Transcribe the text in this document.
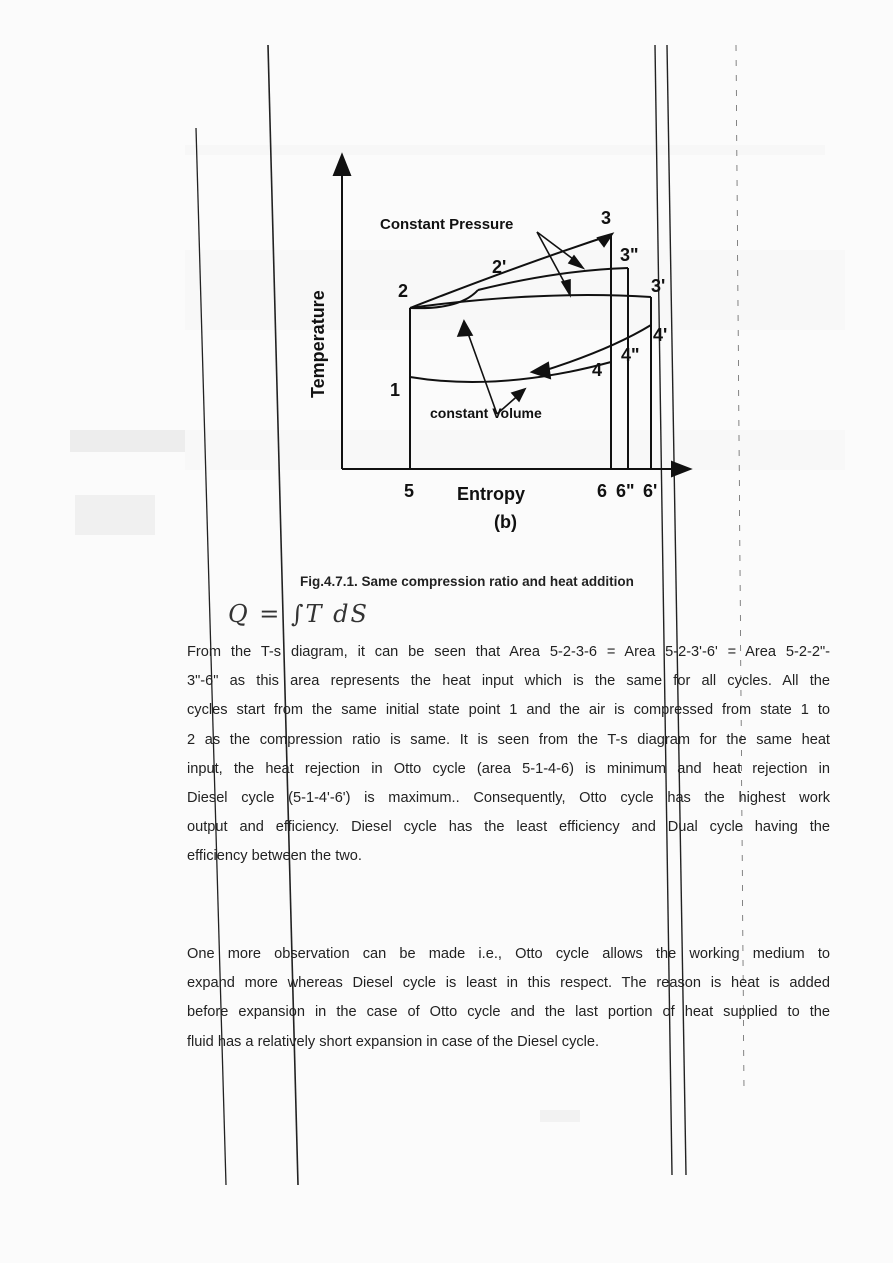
Constant Pressure
constant Volume
Temperature
Entropy
(b)
1
2
2'
3
3"
3'
4
4"
4'
5	6 6" 6'
Fig.4.7.1. Same compression ratio and heat addition
Q = ∫T dS
From the T-s diagram, it can be seen that Area 5-2-3-6 = Area 5-2-3'-6' = Area 5-2-2"-
3"-6" as this area represents the heat input which is the same for all cycles. All the
cycles start from the same initial state point 1 and the air is compressed from state 1 to
2 as the compression ratio is same. It is seen from the T-s diagram for the same heat
input, the heat rejection in Otto cycle (area 5-1-4-6) is minimum and heat rejection in
Diesel cycle (5-1-4'-6') is maximum.. Consequently, Otto cycle has the highest work
output and efficiency. Diesel cycle has the least efficiency and Dual cycle having the
efficiency between the two.
One more observation can be made i.e., Otto cycle allows the working medium to
expand more whereas Diesel cycle is least in this respect. The reason is heat is added
before expansion in the case of Otto cycle and the last portion of heat supplied to the
fluid has a relatively short expansion in case of the Diesel cycle.
